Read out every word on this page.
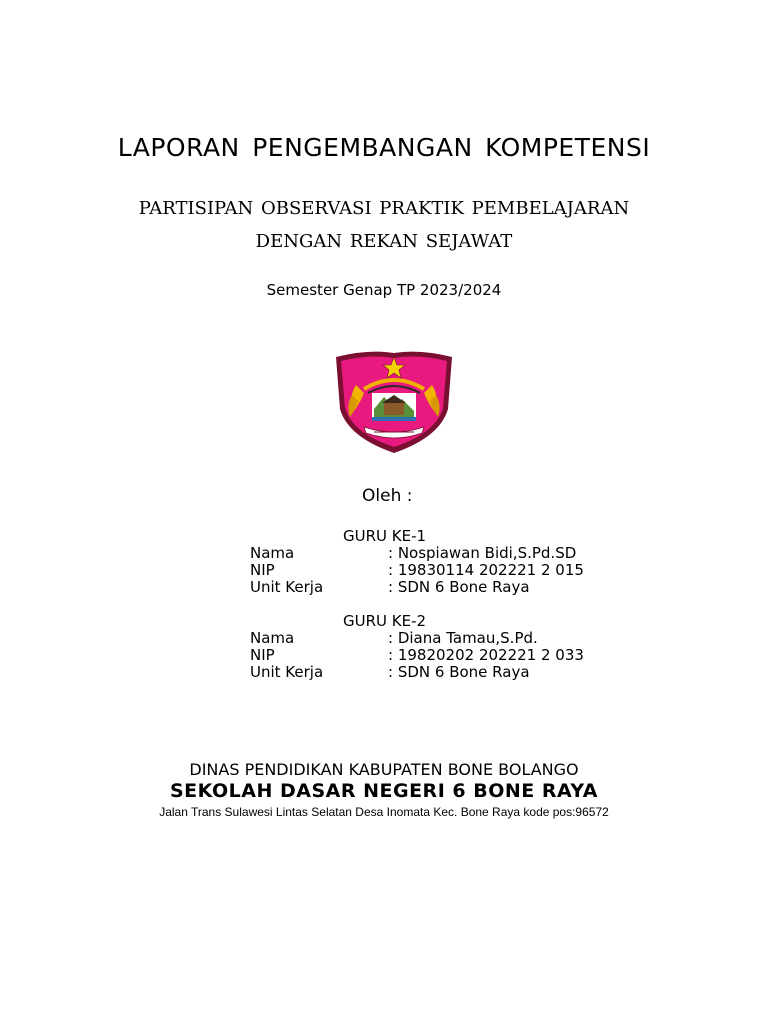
LAPORAN PENGEMBANGAN KOMPETENSI
PARTISIPAN OBSERVASI PRAKTIK PEMBELAJARAN
DENGAN REKAN SEJAWAT
Semester Genap TP 2023/2024
Oleh :
GURU KE-1
Nama	: Nospiawan Bidi,S.Pd.SD
NIP	: 19830114 202221 2 015
Unit Kerja	: SDN 6 Bone Raya
GURU KE-2
Nama	: Diana Tamau,S.Pd.
NIP	: 19820202 202221 2 033
Unit Kerja	: SDN 6 Bone Raya
DINAS PENDIDIKAN KABUPATEN BONE BOLANGO
SEKOLAH DASAR NEGERI 6 BONE RAYA
Jalan Trans Sulawesi Lintas Selatan Desa Inomata Kec. Bone Raya kode pos:96572
